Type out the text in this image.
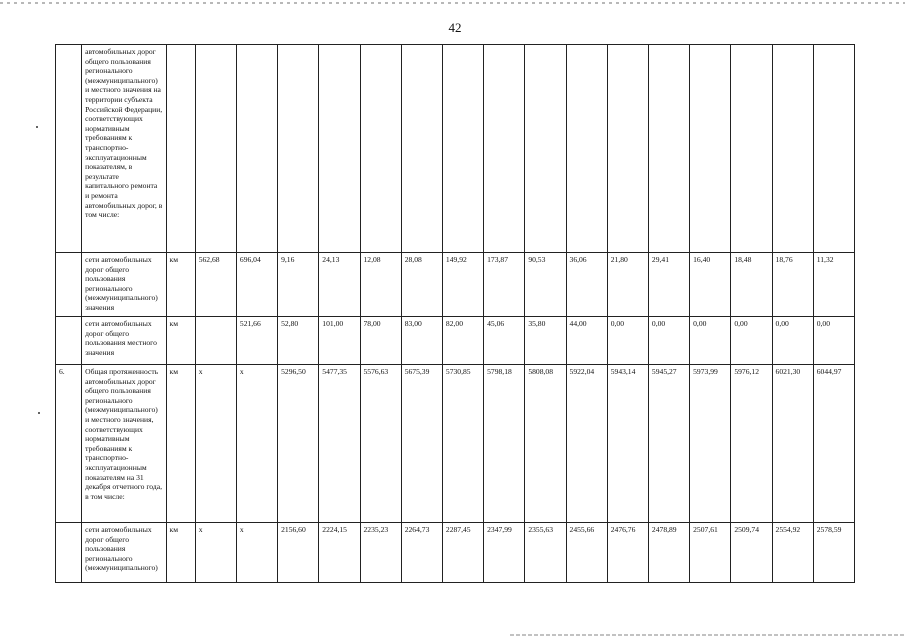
42
	автомобильных дорог общего пользования регионального (межмуниципального) и местного значения на территории субъекта Российской Федерации, соответствующих нормативным требованиям к транспортно-эксплуатационным показателям, в результате капитального ремонта и ремонта автомобильных дорог, в том числе:																	
	сети автомобильных дорог общего пользования регионального (межмуниципального) значения	км	562,68	696,04	9,16	24,13	12,08	28,08	149,92	173,87	90,53	36,06	21,80	29,41	16,40	18,48	18,76	11,32
	сети автомобильных дорог общего пользования местного значения	км		521,66	52,80	101,00	78,00	83,00	82,00	45,06	35,80	44,00	0,00	0,00	0,00	0,00	0,00	0,00
6.	Общая протяженность автомобильных дорог общего пользования регионального (межмуниципального) и местного значения, соответствующих нормативным требованиям к транспортно-эксплуатационным показателям на 31 декабря отчетного года, в том числе:	км	х	х	5296,50	5477,35	5576,63	5675,39	5730,85	5798,18	5808,08	5922,04	5943,14	5945,27	5973,99	5976,12	6021,30	6044,97
	сети автомобильных дорог общего пользования регионального (межмуниципального)	км	х	х	2156,60	2224,15	2235,23	2264,73	2287,45	2347,99	2355,63	2455,66	2476,76	2478,89	2507,61	2509,74	2554,92	2578,59
